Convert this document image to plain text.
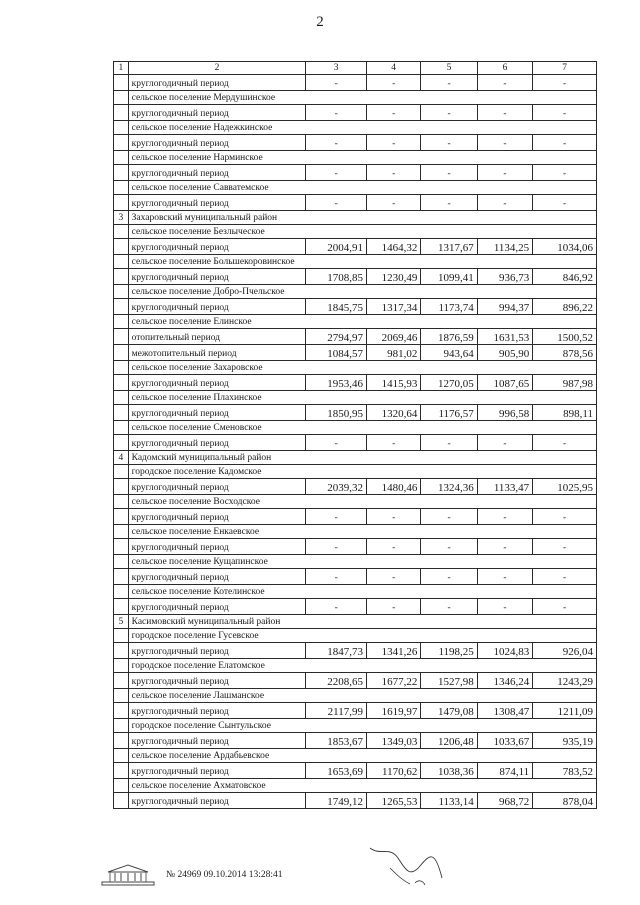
2
1	2	3	4	5	6	7
	круглогодичный период	-	-	-	-	-
	сельское поселение Мердушинское					
	круглогодичный период	-	-	-	-	-
	сельское поселение Надежкинское					
	круглогодичный период	-	-	-	-	-
	сельское поселение Нарминское					
	круглогодичный период	-	-	-	-	-
	сельское поселение Савватемское					
	круглогодичный период	-	-	-	-	-
3	Захаровский муниципальный район					
	сельское поселение Безлыческое					
	круглогодичный период	2004,91	1464,32	1317,67	1134,25	1034,06
	сельское поселение Большекоровинское					
	круглогодичный период	1708,85	1230,49	1099,41	936,73	846,92
	сельское поселение Добро-Пчельское					
	круглогодичный период	1845,75	1317,34	1173,74	994,37	896,22
	сельское поселение Елинское					
	отопительный период	2794,97	2069,46	1876,59	1631,53	1500,52
	межотопительный период	1084,57	981,02	943,64	905,90	878,56
	сельское поселение Захаровское					
	круглогодичный период	1953,46	1415,93	1270,05	1087,65	987,98
	сельское поселение Плахинское					
	круглогодичный период	1850,95	1320,64	1176,57	996,58	898,11
	сельское поселение Сменовское					
	круглогодичный период	-	-	-	-	-
4	Кадомский муниципальный район					
	городское поселение Кадомское					
	круглогодичный период	2039,32	1480,46	1324,36	1133,47	1025,95
	сельское поселение Восходское					
	круглогодичный период	-	-	-	-	-
	сельское поселение Енкаевское					
	круглогодичный период	-	-	-	-	-
	сельское поселение Кущапинское					
	круглогодичный период	-	-	-	-	-
	сельское поселение Котелинское					
	круглогодичный период	-	-	-	-	-
5	Касимовский муниципальный район					
	городское поселение Гусевское					
	круглогодичный период	1847,73	1341,26	1198,25	1024,83	926,04
	городское поселение Елатомское					
	круглогодичный период	2208,65	1677,22	1527,98	1346,24	1243,29
	сельское поселение Лашманское					
	круглогодичный период	2117,99	1619,97	1479,08	1308,47	1211,09
	городское поселение Сынтульское					
	круглогодичный период	1853,67	1349,03	1206,48	1033,67	935,19
	сельское поселение Ардабьевское					
	круглогодичный период	1653,69	1170,62	1038,36	874,11	783,52
	сельское поселение Ахматовское					
	круглогодичный период	1749,12	1265,53	1133,14	968,72	878,04
№ 24969 09.10.2014 13:28:41
